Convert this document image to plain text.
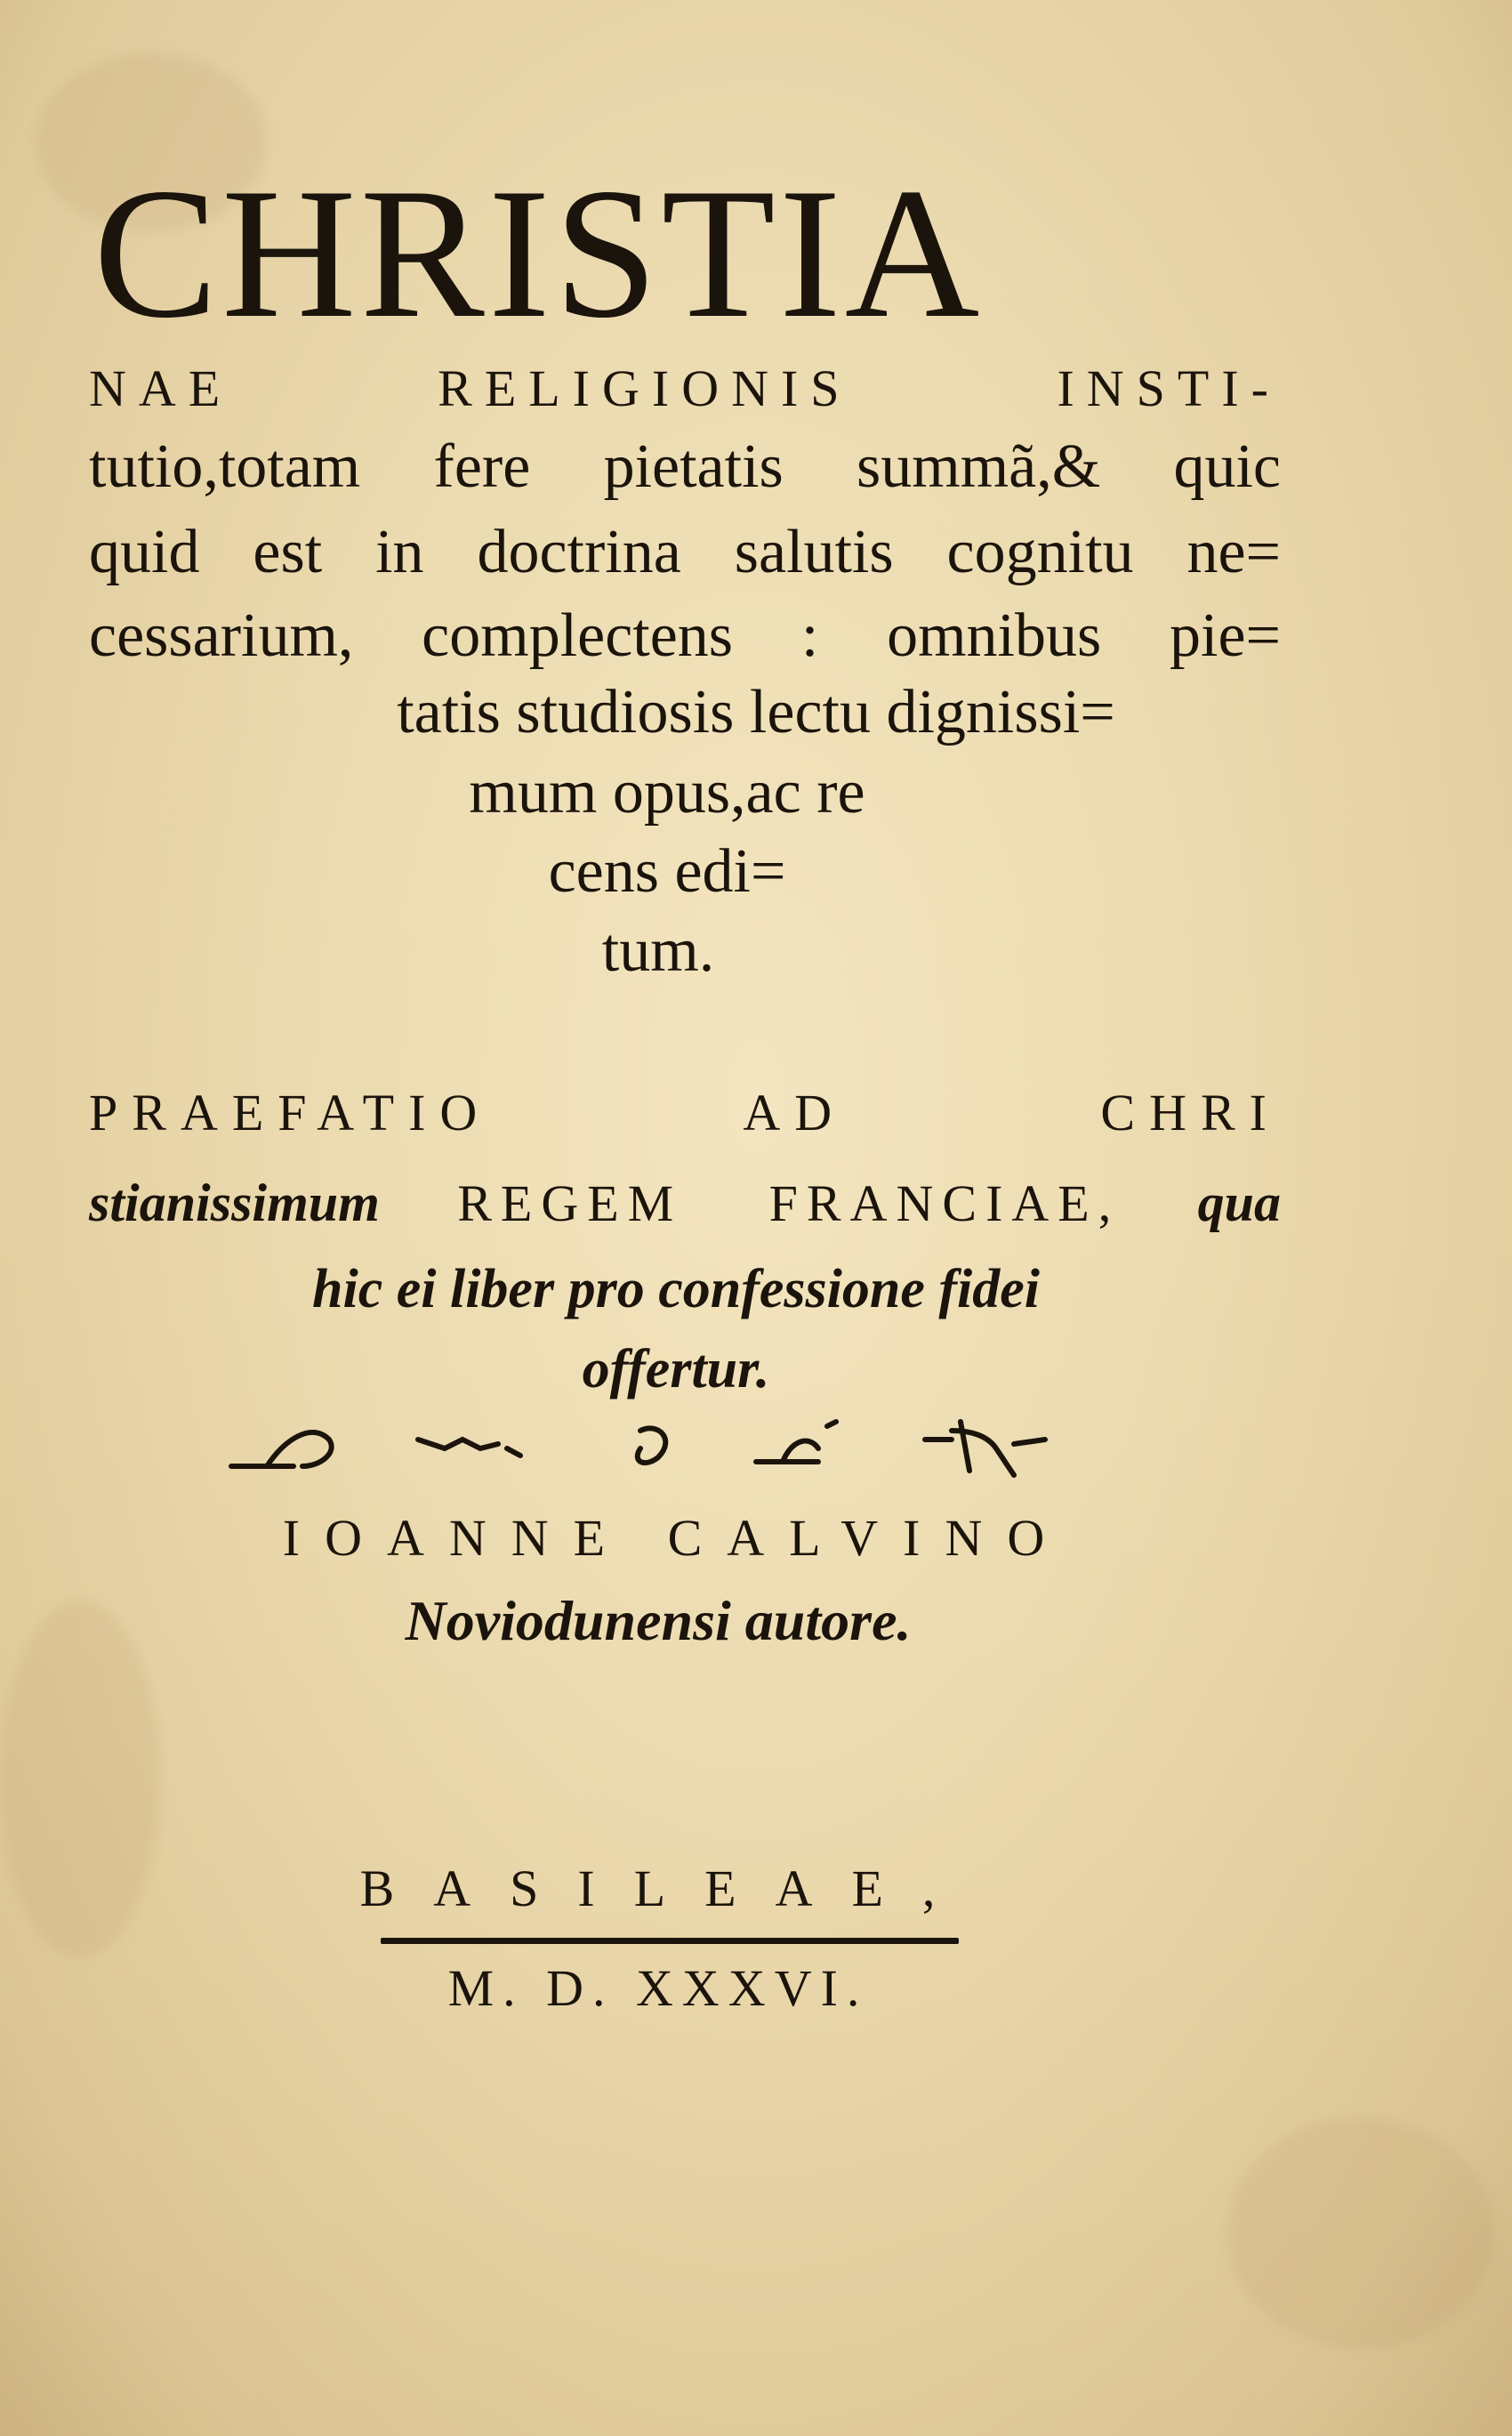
CHRISTIA
NAE RELIGIONIS INSTI-
tutio,totam fere pietatis summã,& quic
quid est in doctrina salutis cognitu ne=
cessarium, complectens : omnibus pie=
tatis studiosis lectu dignissi=
mum opus,ac re
cens edi=
tum.
PRAEFATIO AD CHRI
stianissimum REGEM FRANCIAE, qua
hic ei liber pro confessione fidei
offertur.
IOANNE CALVINO
Noviodunensi autore.
BASILEAE,
M. D. XXXVI.
